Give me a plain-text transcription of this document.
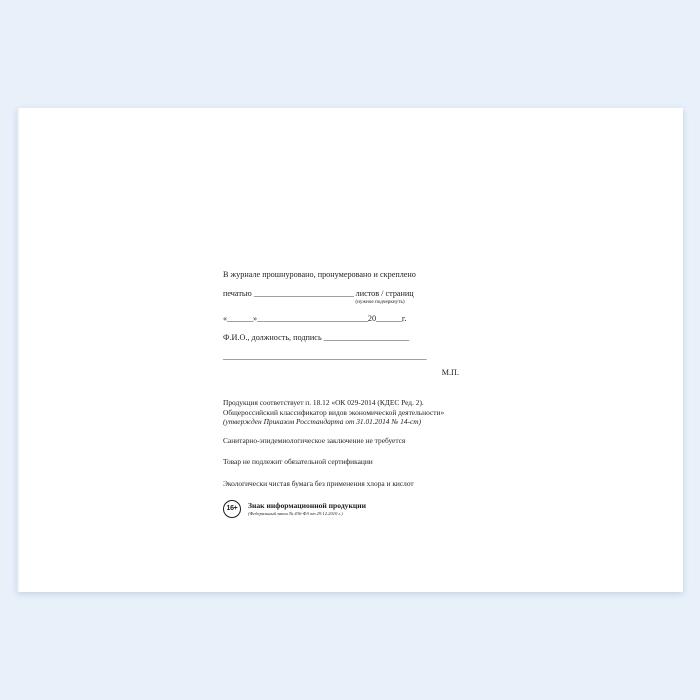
В журнале прошнуровано, пронумеровано и скреплено
печатью ___________________________ листов / страниц
(нужное подчеркнуть)
«_______»______________________________20_______г.
Ф.И.О., должность, подпись _______________________
_______________________________________________________
М.П.

Продукция соответствует п. 18.12 «ОК 029-2014 (КДЕС Ред. 2).
Общероссийский классификатор видов экономической деятельности»
(утвержден Приказом Росстандарта от 31.01.2014 № 14-ст)

Санитарно-эпидемиологическое заключение не требуется

Товар не подлежит обязательной сертификации

Экологически чистая бумага без применения хлора и кислот

16+	Знак информационной продукции
(Федеральный закон № 436-ФЗ от 29.12.2010 г.)
